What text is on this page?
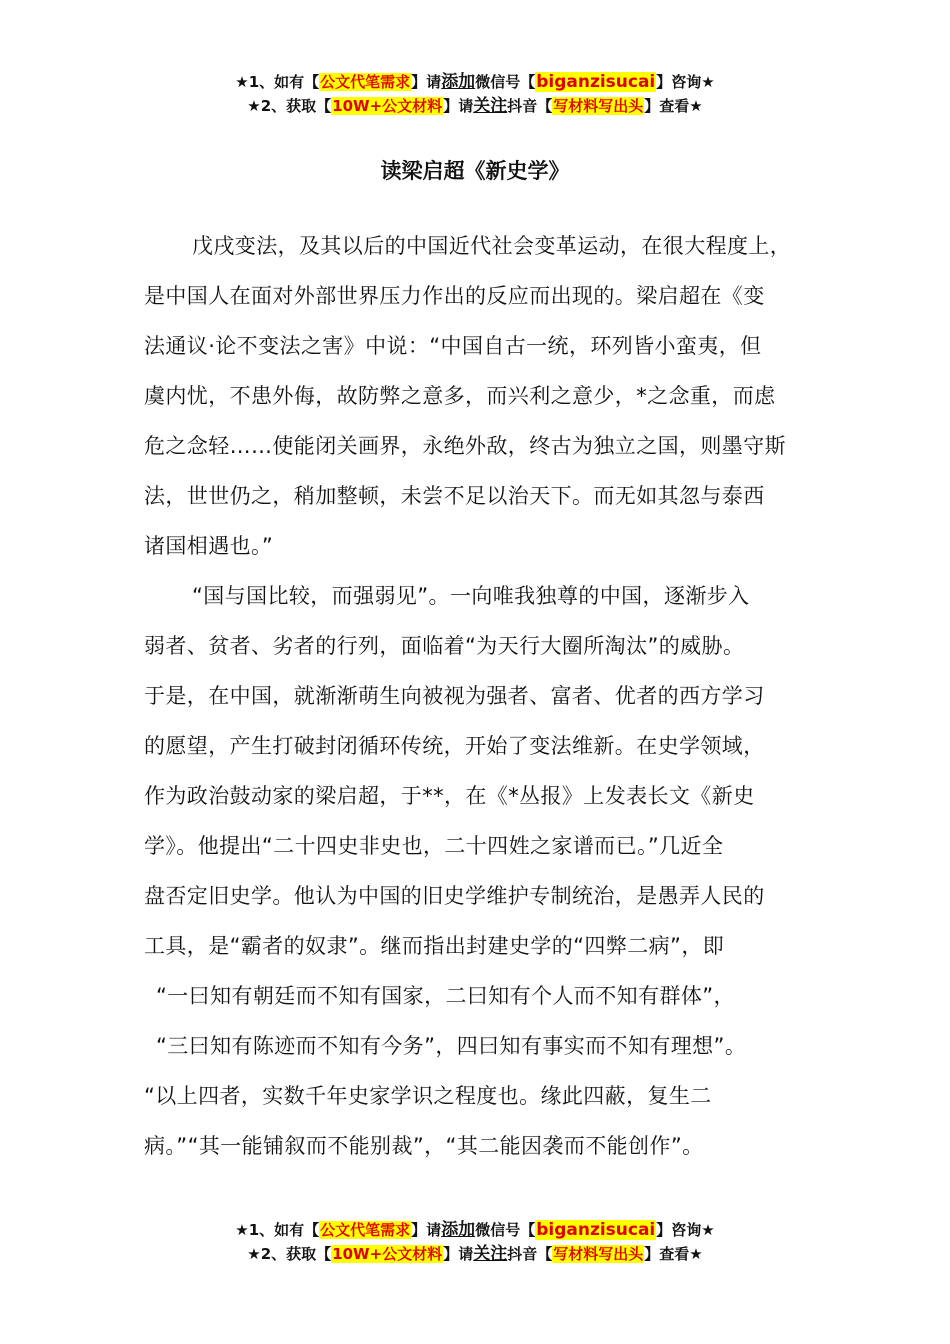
★1、如有【公文代笔需求】请添加微信号【biganzisucai】咨询★
★2、获取【10W+公文材料】请关注抖音【写材料写出头】查看★
读梁启超《新史学》
戊戌变法，及其以后的中国近代社会变革运动，在很大程度上，
是中国人在面对外部世界压力作出的反应而出现的。梁启超在《变
法通议·论不变法之害》中说：“中国自古一统，环列皆小蛮夷，但
虞内忧，不患外侮，故防弊之意多，而兴利之意少，*之念重，而虑
危之念轻……使能闭关画界，永绝外敌，终古为独立之国，则墨守斯
法，世世仍之，稍加整顿，未尝不足以治天下。而无如其忽与泰西
诸国相遇也。”
“国与国比较，而强弱见”。一向唯我独尊的中国，逐渐步入
弱者、贫者、劣者的行列，面临着“为天行大圈所淘汰”的威胁。
于是，在中国，就渐渐萌生向被视为强者、富者、优者的西方学习
的愿望，产生打破封闭循环传统，开始了变法维新。在史学领域，
作为政治鼓动家的梁启超，于**，在《*丛报》上发表长文《新史
学》。他提出“二十四史非史也，二十四姓之家谱而已。”几近全
盘否定旧史学。他认为中国的旧史学维护专制统治，是愚弄人民的
工具，是“霸者的奴隶”。继而指出封建史学的“四弊二病”，即
“一曰知有朝廷而不知有国家，二曰知有个人而不知有群体”，
“三曰知有陈迹而不知有今务”，四曰知有事实而不知有理想”。
“以上四者，实数千年史家学识之程度也。缘此四蔽，复生二
病。”“其一能铺叙而不能别裁”，“其二能因袭而不能创作”。
★1、如有【公文代笔需求】请添加微信号【biganzisucai】咨询★
★2、获取【10W+公文材料】请关注抖音【写材料写出头】查看★
